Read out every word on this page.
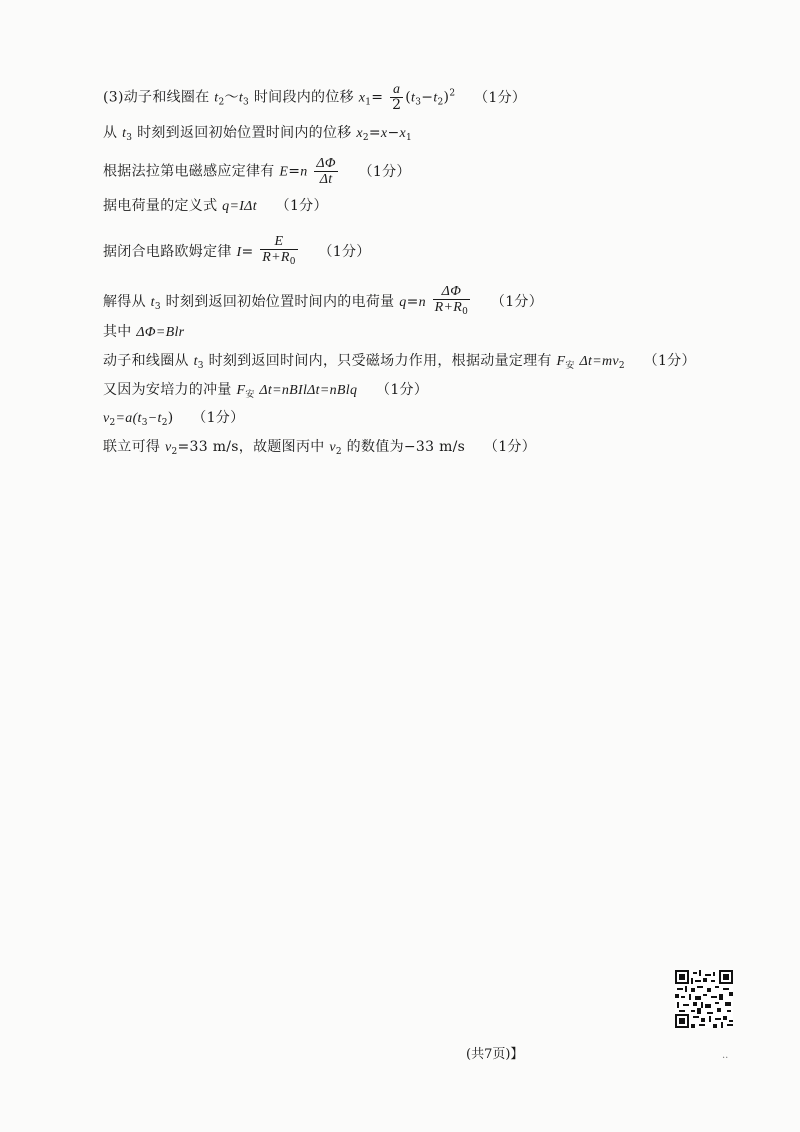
(3)动子和线圈在 $t_2\sim t_3$ 时间段内的位移 $x_1= \frac{a}{2} (t_3-t_2)^2$ （1分）
从 $t_3$ 时刻到返回初始位置时间内的位移 $x_2=x-x_1$
根据法拉第电磁感应定律有 $E=n \frac{\Delta\Phi}{\Delta t} (1$分）
据电荷量的定义式 q=IΔt （1分）
据闭合电路欧姆定律 $I= \frac{E}{R+R_0} (1$分）
解得从 $t_3$ 时刻到返回初始位置时间内的电荷量 $q=n \frac{\Delta\Phi}{R+R_0} (1$分）
其中 ΔΦ=Blr
动子和线圈从 $t_3$ 时刻到返回时间内，只受磁场力作用，根据动量定理有 $F_安$ $\Delta t=mv_2$ （1分）
又因为安培力的冲量 $F_安$ Δt=nBIlΔt=nBlq （1分）
$v_2=a(t_3-t_2)$ （1分）
联立可得 $v_2=33$ m/s，故题图丙中 $v_2$ 的数值为−33 m/s （1分）
(共7页)】	..
